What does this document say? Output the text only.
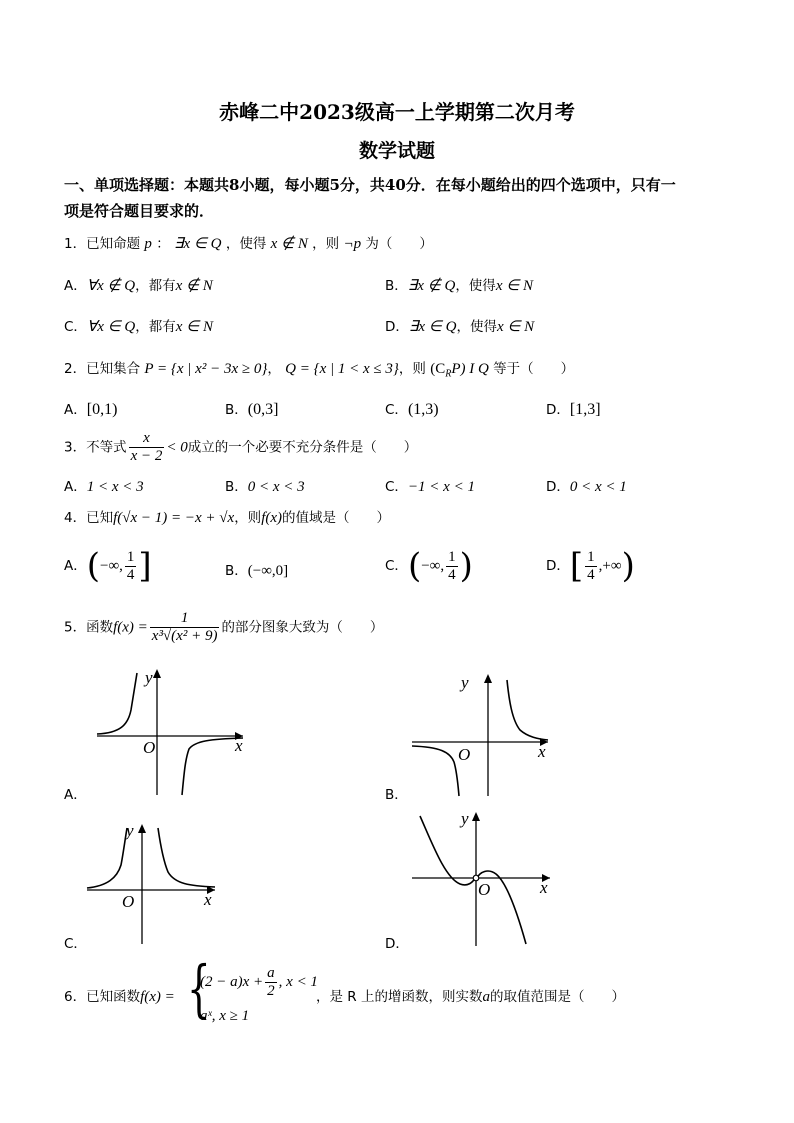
赤峰二中2023级高一上学期第二次月考
数学试题
一、单项选择题：本题共8小题，每小题5分，共40分．在每小题给出的四个选项中，只有一
项是符合题目要求的．
1．已知命题 p ： ∃x ∈ Q ，使得 x ∉ N ，则 ¬p 为（　　）
A．∀x ∉ Q，都有x ∉ N	B．∃x ∉ Q，使得x ∈ N
C．∀x ∈ Q，都有x ∈ N	D．∃x ∈ Q，使得x ∈ N
2．已知集合 P = {x | x² − 3x ≥ 0}， Q = {x | 1 < x ≤ 3}，则 $(C_RP)$ I Q 等于（　　）
A．[0,1)	B．(0,3]	C．(1,3)	D．[1,3]
3．不等式 $\frac{x}{x - 2} < 0$成立的一个必要不充分条件是（　　）
A．1 < x < 3	B．0 < x < 3	C．−1 < x < 1	D．0 < x < 1
4．已知f(√x − 1) = −x + √x，则f(x)的值域是（　　）
A．(−∞, $\frac{1}{4}$ ]	B．(−∞,0]	C．(−∞, $\frac{1}{4}$ )	D．[ $\frac{1}{4}$ ,+∞)
5．函数$f(x) = \frac{1}{\text{x³√(x² + 9)}}$ 的部分图象大致为（　　）
x
y
O
A．
x
y
O
B．
x
y
O
C．
x
y
O
D．
6．已知函数f(x) = {
$(2 - a)x + \frac{a}{2}$ , x < 1
aˣ, x ≥ 1
，是 R 上的增函数，则实数a的取值范围是（　　）
